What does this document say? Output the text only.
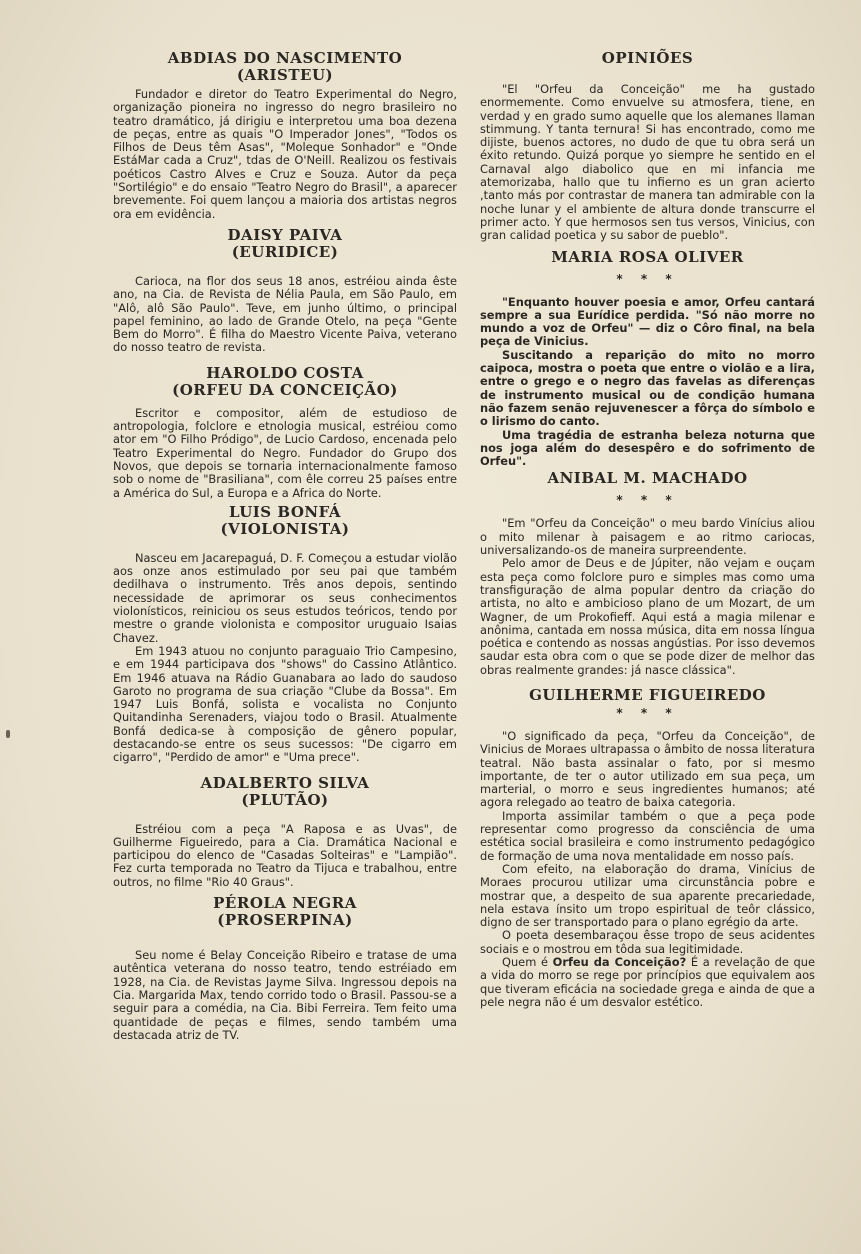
ABDIAS DO NASCIMENTO
(ARISTEU)

Fundador e diretor do Teatro Experimental do Negro, organização pioneira no ingresso do negro brasileiro no teatro dramático, já dirigiu e interpretou uma boa dezena de peças, entre as quais "O Imperador Jones", "Todos os Filhos de Deus têm Asas", "Moleque Sonhador" e "Onde EstáMar cada a Cruz", tdas de O'Neill. Realizou os festivais poéticos Castro Alves e Cruz e Souza. Autor da peça "Sortilégio" e do ensaio "Teatro Negro do Brasil", a aparecer brevemente. Foi quem lançou a maioria dos artistas negros ora em evidência.

DAISY PAIVA
(EURIDICE)

Carioca, na flor dos seus 18 anos, estréiou ainda êste ano, na Cia. de Revista de Nélia Paula, em São Paulo, em "Alô, alô São Paulo". Teve, em junho último, o principal papel feminino, ao lado de Grande Otelo, na peça "Gente Bem do Morro". É filha do Maestro Vicente Paiva, veterano do nosso teatro de revista.

HAROLDO COSTA
(ORFEU DA CONCEIÇÃO)

Escritor e compositor, além de estudioso de antropologia, folclore e etnologia musical, estréiou como ator em "O Filho Pródigo", de Lucio Cardoso, encenada pelo Teatro Experimental do Negro. Fundador do Grupo dos Novos, que depois se tornaria internacionalmente famoso sob o nome de "Brasiliana", com êle correu 25 países entre a América do Sul, a Europa e a Africa do Norte.

LUIS BONFÁ
(VIOLONISTA)

Nasceu em Jacarepaguá, D. F. Começou a estudar violão aos onze anos estimulado por seu pai que também dedilhava o instrumento. Três anos depois, sentindo necessidade de aprimorar os seus conhecimentos violonísticos, reiniciou os seus estudos teóricos, tendo por mestre o grande violonista e compositor uruguaio Isaias Chavez.

Em 1943 atuou no conjunto paraguaio Trio Campesino, e em 1944 participava dos "shows" do Cassino Atlântico. Em 1946 atuava na Rádio Guanabara ao lado do saudoso Garoto no programa de sua criação "Clube da Bossa". Em 1947 Luis Bonfá, solista e vocalista no Conjunto Quitandinha Serenaders, viajou todo o Brasil. Atualmente Bonfá dedica-se à composição de gênero popular, destacando-se entre os seus sucessos: "De cigarro em cigarro", "Perdido de amor" e "Uma prece".

ADALBERTO SILVA
(PLUTÃO)

Estréiou com a peça "A Raposa e as Uvas", de Guilherme Figueiredo, para a Cia. Dramática Nacional e participou do elenco de "Casadas Solteiras" e "Lampião". Fez curta temporada no Teatro da Tijuca e trabalhou, entre outros, no filme "Rio 40 Graus".

PÉROLA NEGRA
(PROSERPINA)

Seu nome é Belay Conceição Ribeiro e tratase de uma autêntica veterana do nosso teatro, tendo estréiado em 1928, na Cia. de Revistas Jayme Silva. Ingressou depois na Cia. Margarida Max, tendo corrido todo o Brasil. Passou-se a seguir para a comédia, na Cia. Bibi Ferreira. Tem feito uma quantidade de peças e filmes, sendo também uma destacada atriz de TV.

OPINIÕES

"El "Orfeu da Conceição" me ha gustado enormemente. Como envuelve su atmosfera, tiene, en verdad y en grado sumo aquelle que los alemanes llaman stimmung. Y tanta ternura! Si has encontrado, como me dijiste, buenos actores, no dudo de que tu obra será un éxito retundo. Quizá porque yo siempre he sentido en el Carnaval algo diabolico que en mi infancia me atemorizaba, hallo que tu infierno es un gran acierto ,tanto más por contrastar de manera tan admirable con la noche lunar y el ambiente de altura donde transcurre el primer acto. Y que hermosos sen tus versos, Vinicius, con gran calidad poetica y su sabor de pueblo".

MARIA ROSA OLIVER
* * *

"Enquanto houver poesia e amor, Orfeu cantará sempre a sua Eurídice perdida. "Só não morre no mundo a voz de Orfeu" — diz o Côro final, na bela peça de Vinicius.

Suscitando a reparição do mito no morro caiроса, mostra o poeta que entre o violão e a lira, entre o grego e o negro das favelas as diferenças de instrumento musical ou de condição humana não fazem senão rejuvenescer a fôrça do símbolo e o lirismo do canto.

Uma tragédia de estranha beleza noturna que nos joga além do desespêro e do sofrimento de Orfeu".

ANIBAL M. MACHADO
* * *

"Em "Orfeu da Conceição" o meu bardo Vinícius aliou o mito milenar à paisagem e ao ritmo cariocas, universalizando-os de maneira surpreendente.

Pelo amor de Deus e de Júpiter, não vejam e ouçam esta peça como folclore puro e simples mas como uma transfiguração de alma popular dentro da criação do artista, no alto e ambicioso plano de um Mozart, de um Wagner, de um Prokofieff. Aqui está a magia milenar e anônima, cantada em nossa música, dita em nossa língua poética e contendo as nossas angústias. Por isso devemos saudar esta obra com o que se pode dizer de melhor das obras realmente grandes: já nasce clássica".

GUILHERME FIGUEIREDO
* * *

"O significado da peça, "Orfeu da Conceição", de Vinicius de Moraes ultrapassa o âmbito de nossa literatura teatral. Não basta assinalar o fato, por si mesmo importante, de ter o autor utilizado em sua peça, um marterial, o morro e seus ingredientes humanos; até agora relegado ao teatro de baixa categoria.

Importa assimilar também o que a peça pode representar como progresso da consciência de uma estética social brasileira e como instrumento pedagógico de formação de uma nova mentalidade em nosso país.

Com efeito, na elaboração do drama, Vinícius de Moraes procurou utilizar uma circunstância pobre e mostrar que, a despeito de sua aparente precariedade, nela estava ínsito um tropo espiritual de teôr clássico, digno de ser transportado para o plano egrégio da arte.

O poeta desembaraçou êsse tropo de seus acidentes sociais e o mostrou em tôda sua legitimidade.

Quem é Orfeu da Conceição? É a revelação de que a vida do morro se rege por princípios que equivalem aos que tiveram eficácia na sociedade grega e ainda de que a pele negra não é um desvalor estético.
